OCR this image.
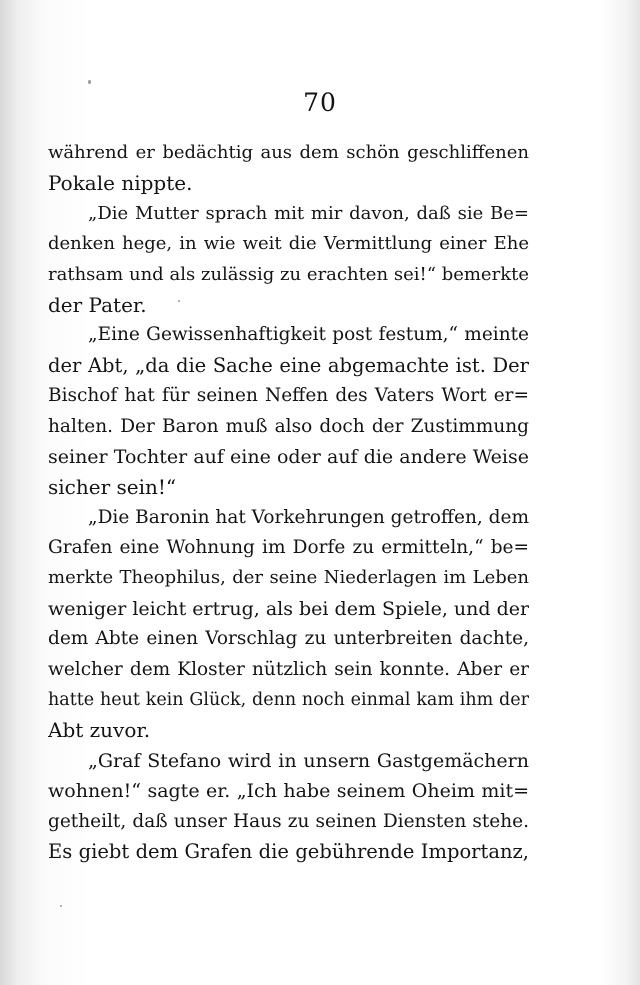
70
während er bedächtig aus dem schön geschliffenen
Pokale nippte.
„Die Mutter sprach mit mir davon, daß sie Be=
denken hege, in wie weit die Vermittlung einer Ehe
rathsam und als zulässig zu erachten sei!“ bemerkte
der Pater.
„Eine Gewissenhaftigkeit post festum,“ meinte
der Abt, „da die Sache eine abgemachte ist. Der
Bischof hat für seinen Neffen des Vaters Wort er=
halten. Der Baron muß also doch der Zustimmung
seiner Tochter auf eine oder auf die andere Weise
sicher sein!“
„Die Baronin hat Vorkehrungen getroffen, dem
Grafen eine Wohnung im Dorfe zu ermitteln,“ be=
merkte Theophilus, der seine Niederlagen im Leben
weniger leicht ertrug, als bei dem Spiele, und der
dem Abte einen Vorschlag zu unterbreiten dachte,
welcher dem Kloster nützlich sein konnte. Aber er
hatte heut kein Glück, denn noch einmal kam ihm der
Abt zuvor.
„Graf Stefano wird in unsern Gastgemächern
wohnen!“ sagte er. „Ich habe seinem Oheim mit=
getheilt, daß unser Haus zu seinen Diensten stehe.
Es giebt dem Grafen die gebührende Importanz,
